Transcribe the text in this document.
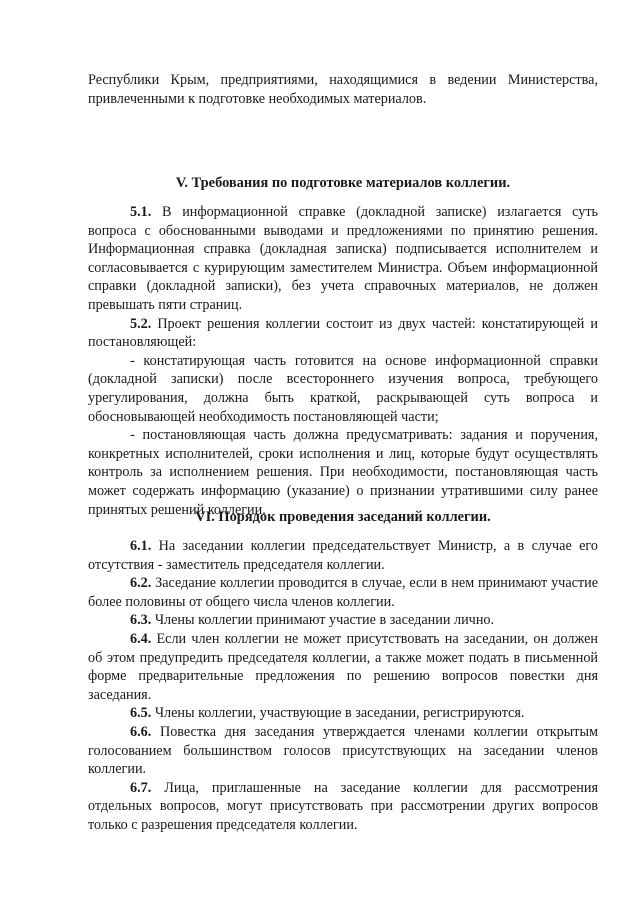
Республики Крым, предприятиями, находящимися в ведении Министерства, привлеченными к подготовке необходимых материалов.

V. Требования по подготовке материалов коллегии.

5.1. В информационной справке (докладной записке) излагается суть вопроса с обоснованными выводами и предложениями по принятию решения. Информационная справка (докладная записка) подписывается исполнителем и согласовывается с курирующим заместителем Министра. Объем информационной справки (докладной записки), без учета справочных материалов, не должен превышать пяти страниц.

5.2. Проект решения коллегии состоит из двух частей: констатирующей и постановляющей:

- констатирующая часть готовится на основе информационной справки (докладной записки) после всестороннего изучения вопроса, требующего урегулирования, должна быть краткой, раскрывающей суть вопроса и обосновывающей необходимость постановляющей части;

- постановляющая часть должна предусматривать: задания и поручения, конкретных исполнителей, сроки исполнения и лиц, которые будут осуществлять контроль за исполнением решения. При необходимости, постановляющая часть может содержать информацию (указание) о признании утратившими силу ранее принятых решений коллегии.

VI. Порядок проведения заседаний коллегии.

6.1. На заседании коллегии председательствует Министр, а в случае его отсутствия - заместитель председателя коллегии.

6.2. Заседание коллегии проводится в случае, если в нем принимают участие более половины от общего числа членов коллегии.

6.3. Члены коллегии принимают участие в заседании лично.

6.4. Если член коллегии не может присутствовать на заседании, он должен об этом предупредить председателя коллегии, а также может подать в письменной форме предварительные предложения по решению вопросов повестки дня заседания.

6.5. Члены коллегии, участвующие в заседании, регистрируются.

6.6. Повестка дня заседания утверждается членами коллегии открытым голосованием большинством голосов присутствующих на заседании членов коллегии.

6.7. Лица, приглашенные на заседание коллегии для рассмотрения отдельных вопросов, могут присутствовать при рассмотрении других вопросов только с разрешения председателя коллегии.
